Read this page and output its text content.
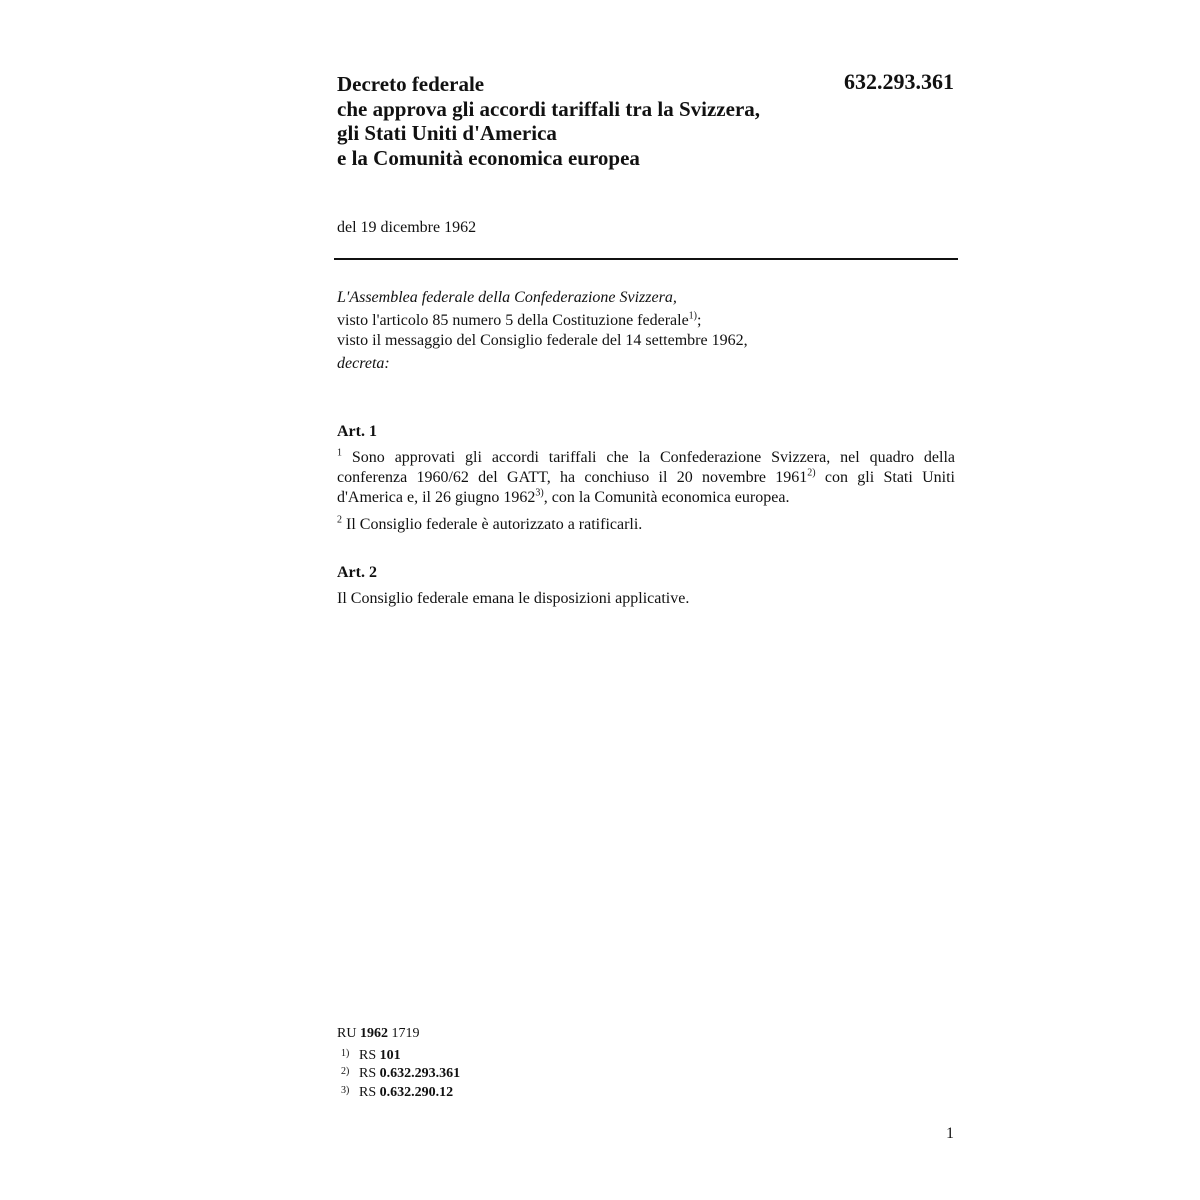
Decreto federale
che approva gli accordi tariffali tra la Svizzera,
gli Stati Uniti d'America
e la Comunità economica europea
632.293.361
del 19 dicembre 1962
L'Assemblea federale della Confederazione Svizzera,
visto l'articolo 85 numero 5 della Costituzione federale$^{1)}$;
visto il messaggio del Consiglio federale del 14 settembre 1962,
decreta:
Art. 1

$^1$ Sono approvati gli accordi tariffali che la Confederazione Svizzera, nel quadro della conferenza 1960/62 del GATT, ha conchiuso il 20 novembre 1961$^{2)}$ con gli Stati Uniti d'America e, il 26 giugno 1962$^{3)}$, con la Comunità economica europea.

$^2$ Il Consiglio federale è autorizzato a ratificarli.

Art. 2

Il Consiglio federale emana le disposizioni applicative.

RU 1962 1719
1) RS 101
2) RS 0.632.293.361
3) RS 0.632.290.12
1
